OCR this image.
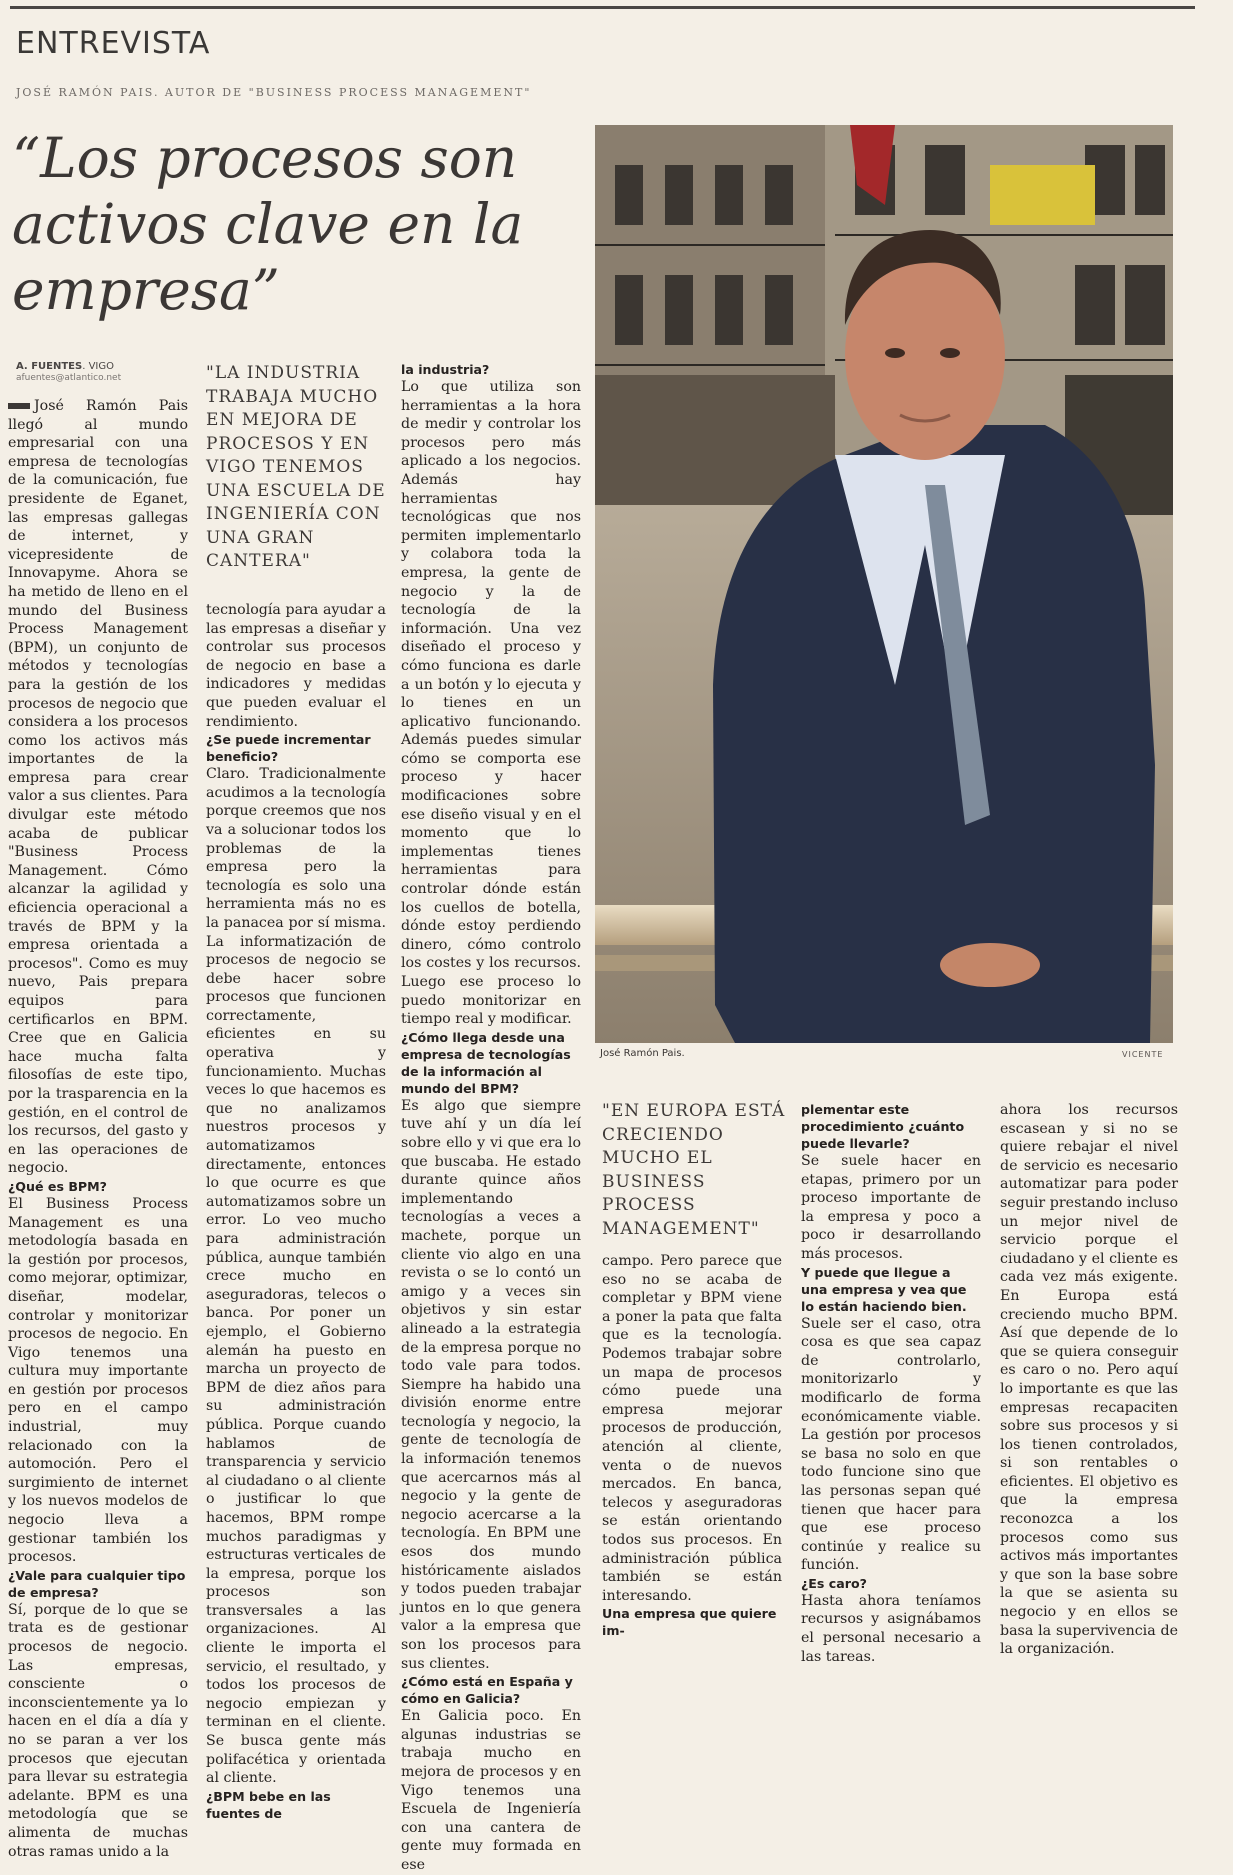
ENTREVISTA
JOSÉ RAMÓN PAIS. AUTOR DE "BUSINESS PROCESS MANAGEMENT"
“Los procesos son activos clave en la empresa”
A. FUENTES. VIGO
afuentes@atlantico.net

José Ramón Pais llegó al mundo empresarial con una empresa de tecnologías de la comunicación, fue presidente de Eganet, las empresas gallegas de internet, y vicepresidente de Innovapyme. Ahora se ha metido de lleno en el mundo del Business Process Management (BPM), un conjunto de métodos y tecnologías para la gestión de los procesos de negocio que considera a los procesos como los activos más importantes de la empresa para crear valor a sus clientes. Para divulgar este método acaba de publicar "Business Process Management. Cómo alcanzar la agilidad y eficiencia operacional a través de BPM y la empresa orientada a procesos". Como es muy nuevo, Pais prepara equipos para certificarlos en BPM. Cree que en Galicia hace mucha falta filosofías de este tipo, por la trasparencia en la gestión, en el control de los recursos, del gasto y en las operaciones de negocio.

¿Qué es BPM?

El Business Process Management es una metodología basada en la gestión por procesos, como mejorar, optimizar, diseñar, modelar, controlar y monitorizar procesos de negocio. En Vigo tenemos una cultura muy importante en gestión por procesos pero en el campo industrial, muy relacionado con la automoción. Pero el surgimiento de internet y los nuevos modelos de negocio lleva a gestionar también los procesos.

¿Vale para cualquier tipo de empresa?

Sí, porque de lo que se trata es de gestionar procesos de negocio. Las empresas, consciente o inconscientemente ya lo hacen en el día a día y no se paran a ver los procesos que ejecutan para llevar su estrategia adelante. BPM es una metodología que se alimenta de muchas otras ramas unido a la

"LA INDUSTRIA TRABAJA MUCHO EN MEJORA DE PROCESOS Y EN VIGO TENEMOS UNA ESCUELA DE INGENIERÍA CON UNA GRAN CANTERA"

tecnología para ayudar a las empresas a diseñar y controlar sus procesos de negocio en base a indicadores y medidas que pueden evaluar el rendimiento.

¿Se puede incrementar beneficio?

Claro. Tradicionalmente acudimos a la tecnología porque creemos que nos va a solucionar todos los problemas de la empresa pero la tecnología es solo una herramienta más no es la panacea por sí misma. La informatización de procesos de negocio se debe hacer sobre procesos que funcionen correctamente, eficientes en su operativa y funcionamiento. Muchas veces lo que hacemos es que no analizamos nuestros procesos y automatizamos directamente, entonces lo que ocurre es que automatizamos sobre un error. Lo veo mucho para administración pública, aunque también crece mucho en aseguradoras, telecos o banca. Por poner un ejemplo, el Gobierno alemán ha puesto en marcha un proyecto de BPM de diez años para su administración pública. Porque cuando hablamos de transparencia y servicio al ciudadano o al cliente o justificar lo que hacemos, BPM rompe muchos paradigmas y estructuras verticales de la empresa, porque los procesos son transversales a las organizaciones. Al cliente le importa el servicio, el resultado, y todos los procesos de negocio empiezan y terminan en el cliente. Se busca gente más polifacética y orientada al cliente.

¿BPM bebe en las fuentes de

la industria?

Lo que utiliza son herramientas a la hora de medir y controlar los procesos pero más aplicado a los negocios. Además hay herramientas tecnológicas que nos permiten implementarlo y colabora toda la empresa, la gente de negocio y la de tecnología de la información. Una vez diseñado el proceso y cómo funciona es darle a un botón y lo ejecuta y lo tienes en un aplicativo funcionando. Además puedes simular cómo se comporta ese proceso y hacer modificaciones sobre ese diseño visual y en el momento que lo implementas tienes herramientas para controlar dónde están los cuellos de botella, dónde estoy perdiendo dinero, cómo controlo los costes y los recursos. Luego ese proceso lo puedo monitorizar en tiempo real y modificar.

¿Cómo llega desde una empresa de tecnologías de la información al mundo del BPM?

Es algo que siempre tuve ahí y un día leí sobre ello y vi que era lo que buscaba. He estado durante quince años implementando tecnologías a veces a machete, porque un cliente vio algo en una revista o se lo contó un amigo y a veces sin objetivos y sin estar alineado a la estrategia de la empresa porque no todo vale para todos. Siempre ha habido una división enorme entre tecnología y negocio, la gente de tecnología de la información tenemos que acercarnos más al negocio y la gente de negocio acercarse a la tecnología. En BPM une esos dos mundo históricamente aislados y todos pueden trabajar juntos en lo que genera valor a la empresa que son los procesos para sus clientes.

¿Cómo está en España y cómo en Galicia?

En Galicia poco. En algunas industrias se trabaja mucho en mejora de procesos y en Vigo tenemos una Escuela de Ingeniería con una cantera de gente muy formada en ese

José Ramón Pais.	VICENTE
"EN EUROPA ESTÁ CRECIENDO MUCHO EL BUSINESS PROCESS MANAGEMENT"

campo. Pero parece que eso no se acaba de completar y BPM viene a poner la pata que falta que es la tecnología. Podemos trabajar sobre un mapa de procesos cómo puede una empresa mejorar procesos de producción, atención al cliente, venta o de nuevos mercados. En banca, telecos y aseguradoras se están orientando todos sus procesos. En administración pública también se están interesando.

Una empresa que quiere im-

plementar este procedimiento ¿cuánto puede llevarle?

Se suele hacer en etapas, primero por un proceso importante de la empresa y poco a poco ir desarrollando más procesos.

Y puede que llegue a una empresa y vea que lo están haciendo bien.

Suele ser el caso, otra cosa es que sea capaz de controlarlo, monitorizarlo y modificarlo de forma económicamente viable. La gestión por procesos se basa no solo en que todo funcione sino que las personas sepan qué tienen que hacer para que ese proceso continúe y realice su función.

¿Es caro?

Hasta ahora teníamos recursos y asignábamos el personal necesario a las tareas.

ahora los recursos escasean y si no se quiere rebajar el nivel de servicio es necesario automatizar para poder seguir prestando incluso un mejor nivel de servicio porque el ciudadano y el cliente es cada vez más exigente. En Europa está creciendo mucho BPM. Así que depende de lo que se quiera conseguir es caro o no. Pero aquí lo importante es que las empresas recapaciten sobre sus procesos y si los tienen controlados, si son rentables o eficientes. El objetivo es que la empresa reconozca a los procesos como sus activos más importantes y que son la base sobre la que se asienta su negocio y en ellos se basa la supervivencia de la organización.
